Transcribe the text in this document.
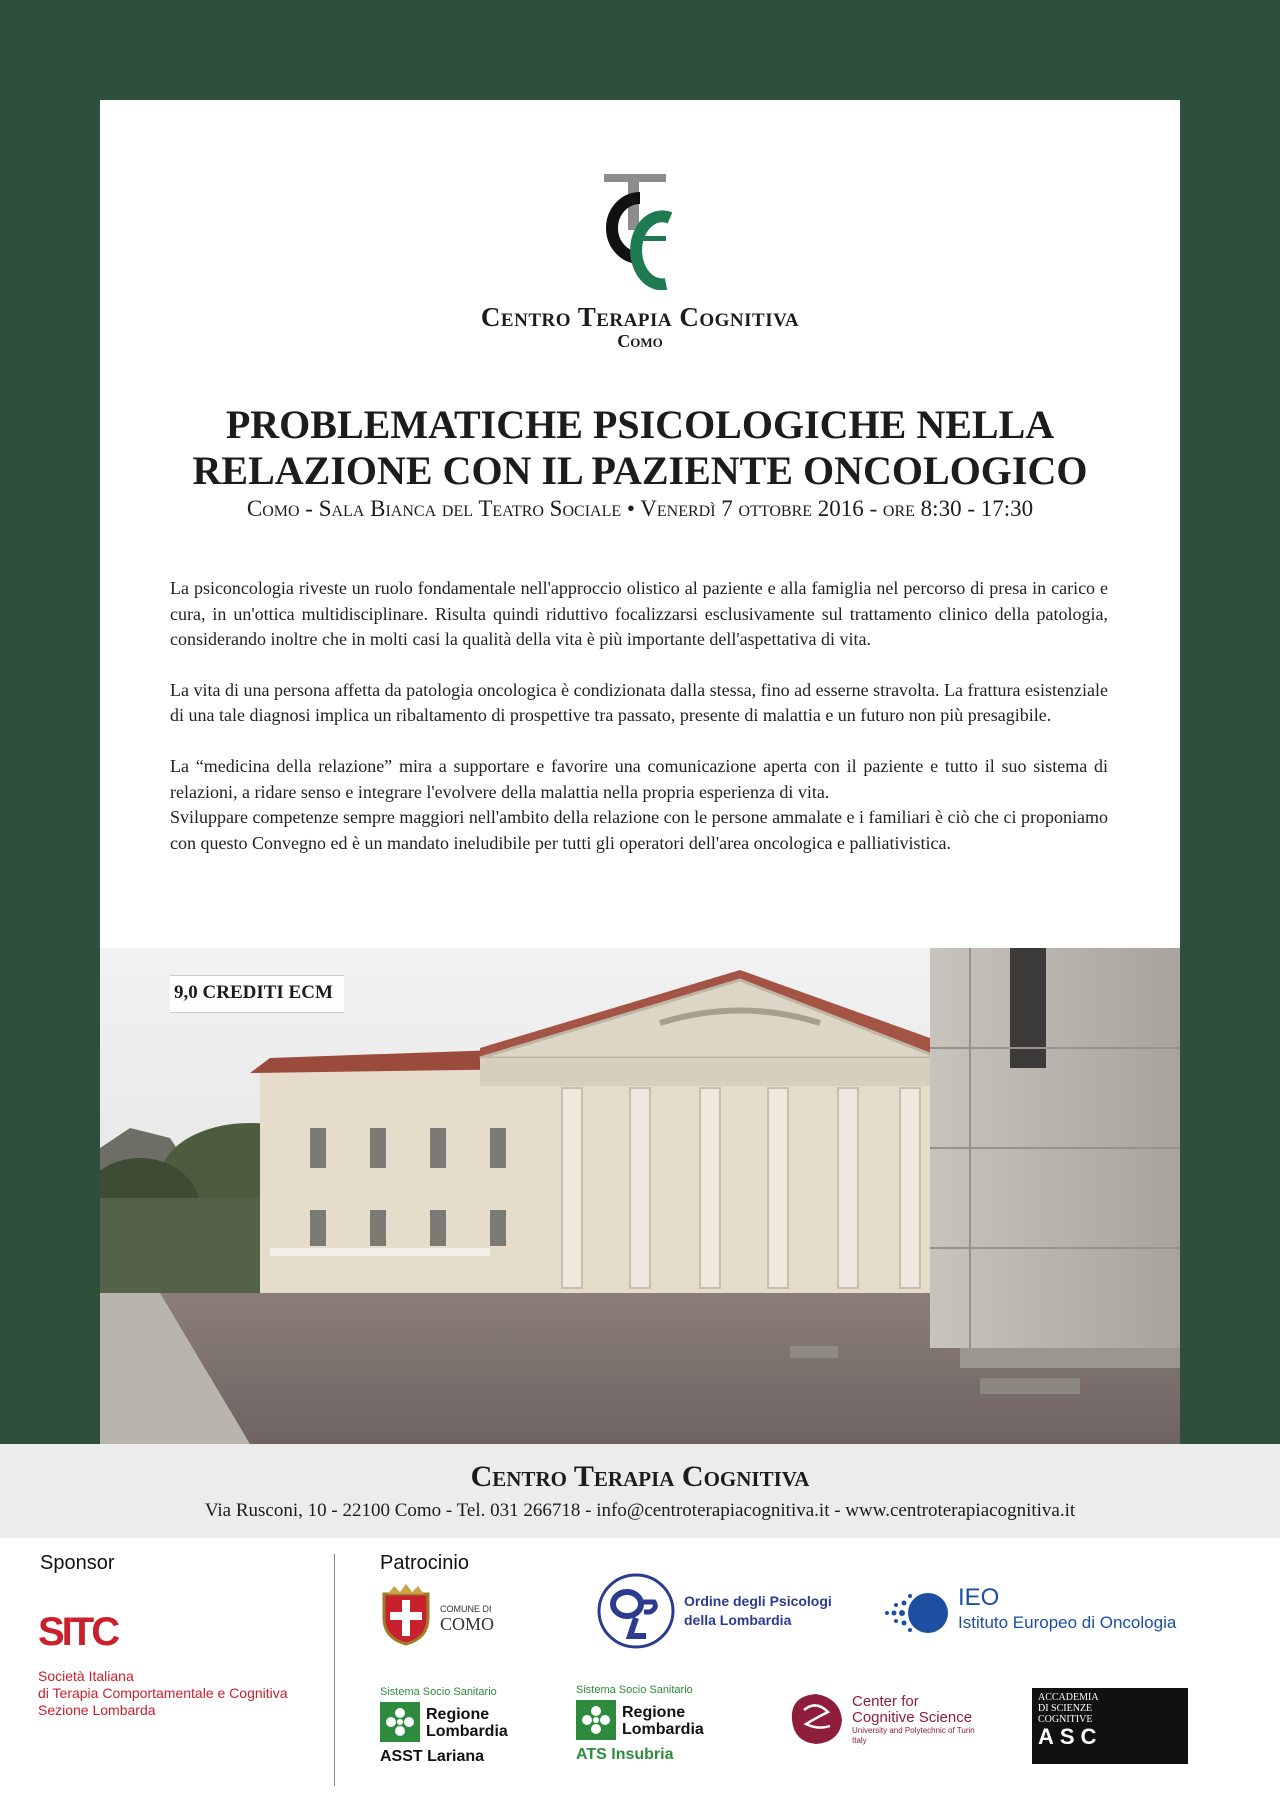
Centro Terapia Cognitiva
Como
PROBLEMATICHE PSICOLOGICHE NELLA
RELAZIONE CON IL PAZIENTE ONCOLOGICO
Como - Sala Bianca del Teatro Sociale • Venerdì 7 ottobre 2016 - ore 8:30 - 17:30

La psiconcologia riveste un ruolo fondamentale nell'approccio olistico al paziente e alla famiglia nel percorso di presa in carico e cura, in un'ottica multidisciplinare. Risulta quindi riduttivo focalizzarsi esclusivamente sul trattamento clinico della patologia, considerando inoltre che in molti casi la qualità della vita è più importante dell'aspettativa di vita.

La vita di una persona affetta da patologia oncologica è condizionata dalla stessa, fino ad esserne stravolta. La frattura esistenziale di una tale diagnosi implica un ribaltamento di prospettive tra passato, presente di malattia e un futuro non più presagibile.

La “medicina della relazione” mira a supportare e favorire una comunicazione aperta con il paziente e tutto il suo sistema di relazioni, a ridare senso e integrare l'evolvere della malattia nella propria esperienza di vita.
Sviluppare competenze sempre maggiori nell'ambito della relazione con le persone ammalate e i familiari è ciò che ci proponiamo con questo Convegno ed è un mandato ineludibile per tutti gli operatori dell'area oncologica e palliativistica.
9,0 CREDITI ECM
Centro Terapia Cognitiva
Via Rusconi, 10 - 22100 Como - Tel. 031 266718 - info@centroterapiacognitiva.it - www.centroterapiacognitiva.it
Sponsor	Patrocinio
SITC
Società Italiana
di Terapia Comportamentale e Cognitiva
Sezione Lombarda
COMUNE DI
COMO
Ordine degli Psicologi
della Lombardia
IEO
Istituto Europeo di Oncologia
Sistema Socio Sanitario
Regione
Lombardia
ASST Lariana
Sistema Socio Sanitario
Regione
Lombardia
ATS Insubria
Center for
Cognitive Science
University and Polytechnic of Turin
Italy
ACCADEMIA
DI SCIENZE
COGNITIVE
ASC
